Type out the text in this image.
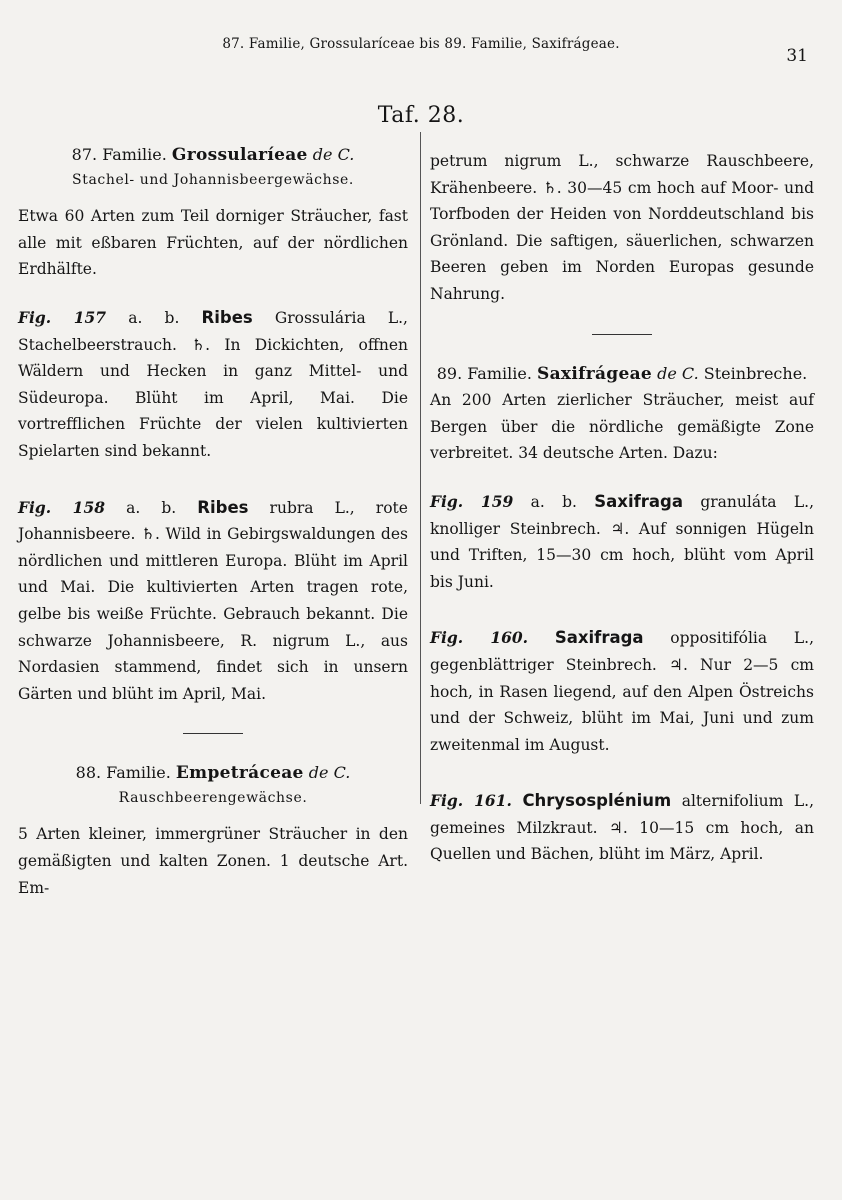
87. Familie, Grossularíceae bis 89. Familie, Saxifrágeae.
31
Taf. 28.
87. Familie. Grossularíeae de C.
Stachel- und Johannisbeergewächse.
Etwa 60 Arten zum Teil dorniger Sträucher, fast alle mit eßbaren Früchten, auf der nördlichen Erdhälfte.
Fig. 157 a. b. Ribes Grossulária L., Stachelbeerstrauch. ♄. In Dickichten, offnen Wäldern und Hecken in ganz Mittel- und Südeuropa. Blüht im April, Mai. Die vortrefflichen Früchte der vielen kultivierten Spielarten sind bekannt.
Fig. 158 a. b. Ribes rubra L., rote Johannisbeere. ♄. Wild in Gebirgswaldungen des nördlichen und mittleren Europa. Blüht im April und Mai. Die kultivierten Arten tragen rote, gelbe bis weiße Früchte. Gebrauch bekannt. Die schwarze Johannisbeere, R. nigrum L., aus Nordasien stammend, findet sich in unsern Gärten und blüht im April, Mai.
88. Familie. Empetráceae de C.
Rauschbeerengewächse.
5 Arten kleiner, immergrüner Sträucher in den gemäßigten und kalten Zonen. 1 deutsche Art. Em-
petrum nigrum L., schwarze Rauschbeere, Krähenbeere. ♄. 30—45 cm hoch auf Moor- und Torfboden der Heiden von Norddeutschland bis Grönland. Die saftigen, säuerlichen, schwarzen Beeren geben im Norden Europas gesunde Nahrung.
89. Familie. Saxifrágeae de C. Steinbreche.
An 200 Arten zierlicher Sträucher, meist auf Bergen über die nördliche gemäßigte Zone verbreitet. 34 deutsche Arten. Dazu:
Fig. 159 a. b. Saxifraga granuláta L., knolliger Steinbrech. ♃. Auf sonnigen Hügeln und Triften, 15—30 cm hoch, blüht vom April bis Juni.
Fig. 160. Saxifraga oppositifólia L., gegenblättriger Steinbrech. ♃. Nur 2—5 cm hoch, in Rasen liegend, auf den Alpen Östreichs und der Schweiz, blüht im Mai, Juni und zum zweitenmal im August.
Fig. 161. Chrysosplénium alternifolium L., gemeines Milzkraut. ♃. 10—15 cm hoch, an Quellen und Bächen, blüht im März, April.
